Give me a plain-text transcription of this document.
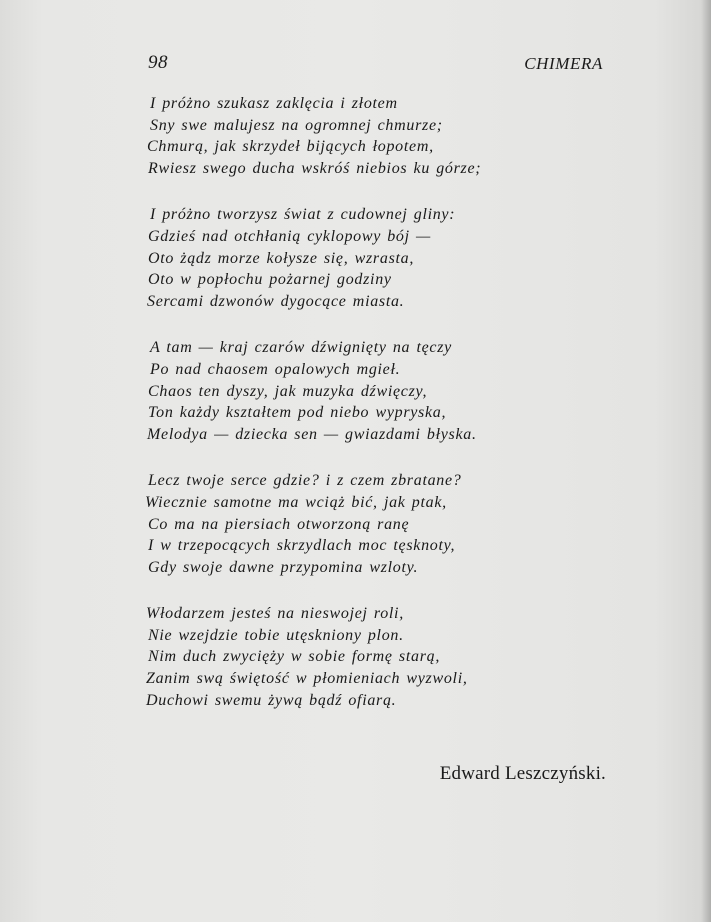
98	CHIMERA
I próżno szukasz zaklęcia i złotem
Sny swe malujesz na ogromnej chmurze;
Chmurą, jak skrzydeł bijących łopotem,
Rwiesz swego ducha wskróś niebios ku górze;
I próżno tworzysz świat z cudownej gliny:
Gdzieś nad otchłanią cyklopowy bój —
Oto żądz morze kołysze się, wzrasta,
Oto w popłochu pożarnej godziny
Sercami dzwonów dygocące miasta.
A tam — kraj czarów dźwignięty na tęczy
Po nad chaosem opalowych mgieł.
Chaos ten dyszy, jak muzyka dźwięczy,
Ton każdy kształtem pod niebo wypryska,
Melodya — dziecka sen — gwiazdami błyska.
Lecz twoje serce gdzie? i z czem zbratane?
Wiecznie samotne ma wciąż bić, jak ptak,
Co ma na piersiach otworzoną ranę
I w trzepocących skrzydlach moc tęsknoty,
Gdy swoje dawne przypomina wzloty.
Włodarzem jesteś na nieswojej roli,
Nie wzejdzie tobie utęskniony plon.
Nim duch zwycięży w sobie formę starą,
Zanim swą świętość w płomieniach wyzwoli,
Duchowi swemu żywą bądź ofiarą.
Edward Leszczyński.
